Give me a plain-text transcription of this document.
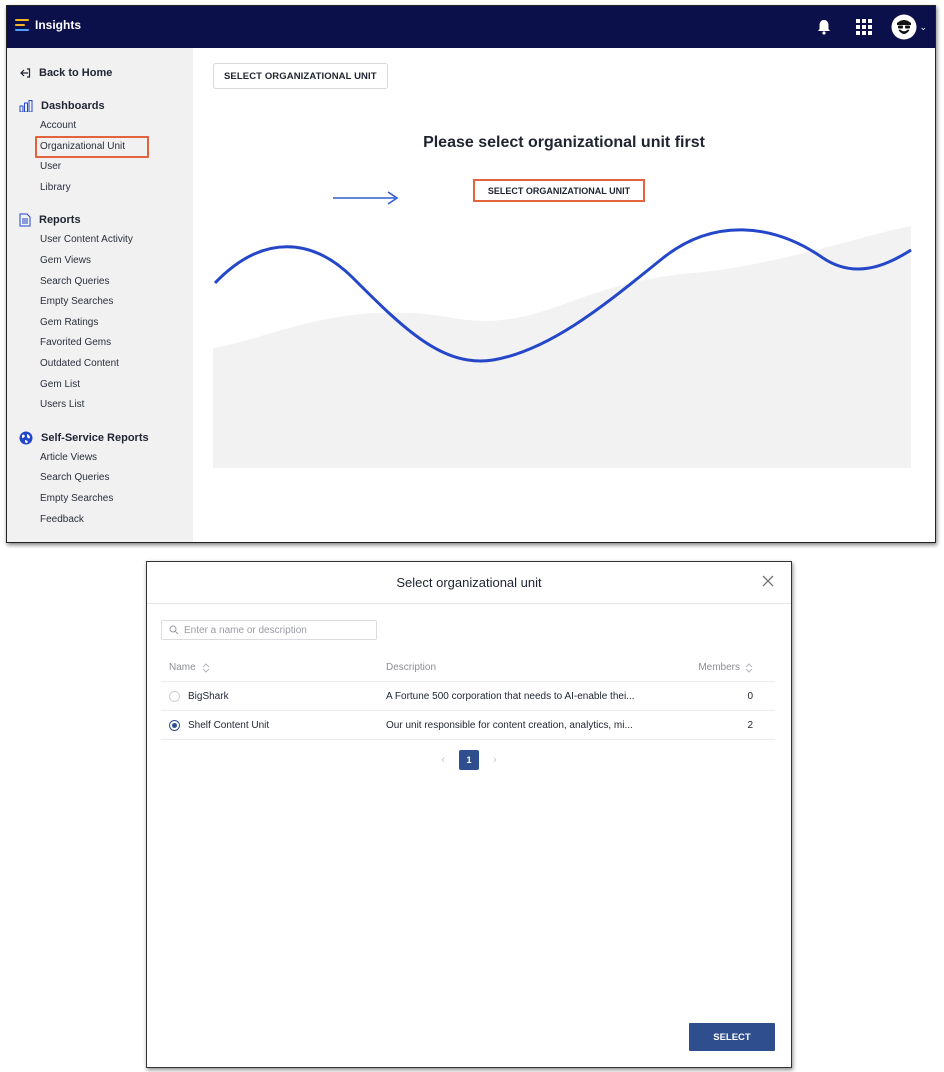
Insights	⌄
Back to Home
Dashboards
Account
Organizational Unit
User
Library
Reports
User Content Activity
Gem Views
Search Queries
Empty Searches
Gem Ratings
Favorited Gems
Outdated Content
Gem List
Users List
Self-Service Reports
Article Views
Search Queries
Empty Searches
Feedback
SELECT ORGANIZATIONAL UNIT
Please select organizational unit first
SELECT ORGANIZATIONAL UNIT
Select organizational unit
Enter a name or description
Name	Description	Members
BigShark	A Fortune 500 corporation that needs to AI-enable thei...	0
Shelf Content Unit	Our unit responsible for content creation, analytics, mi...	2
‹	1	›
SELECT
